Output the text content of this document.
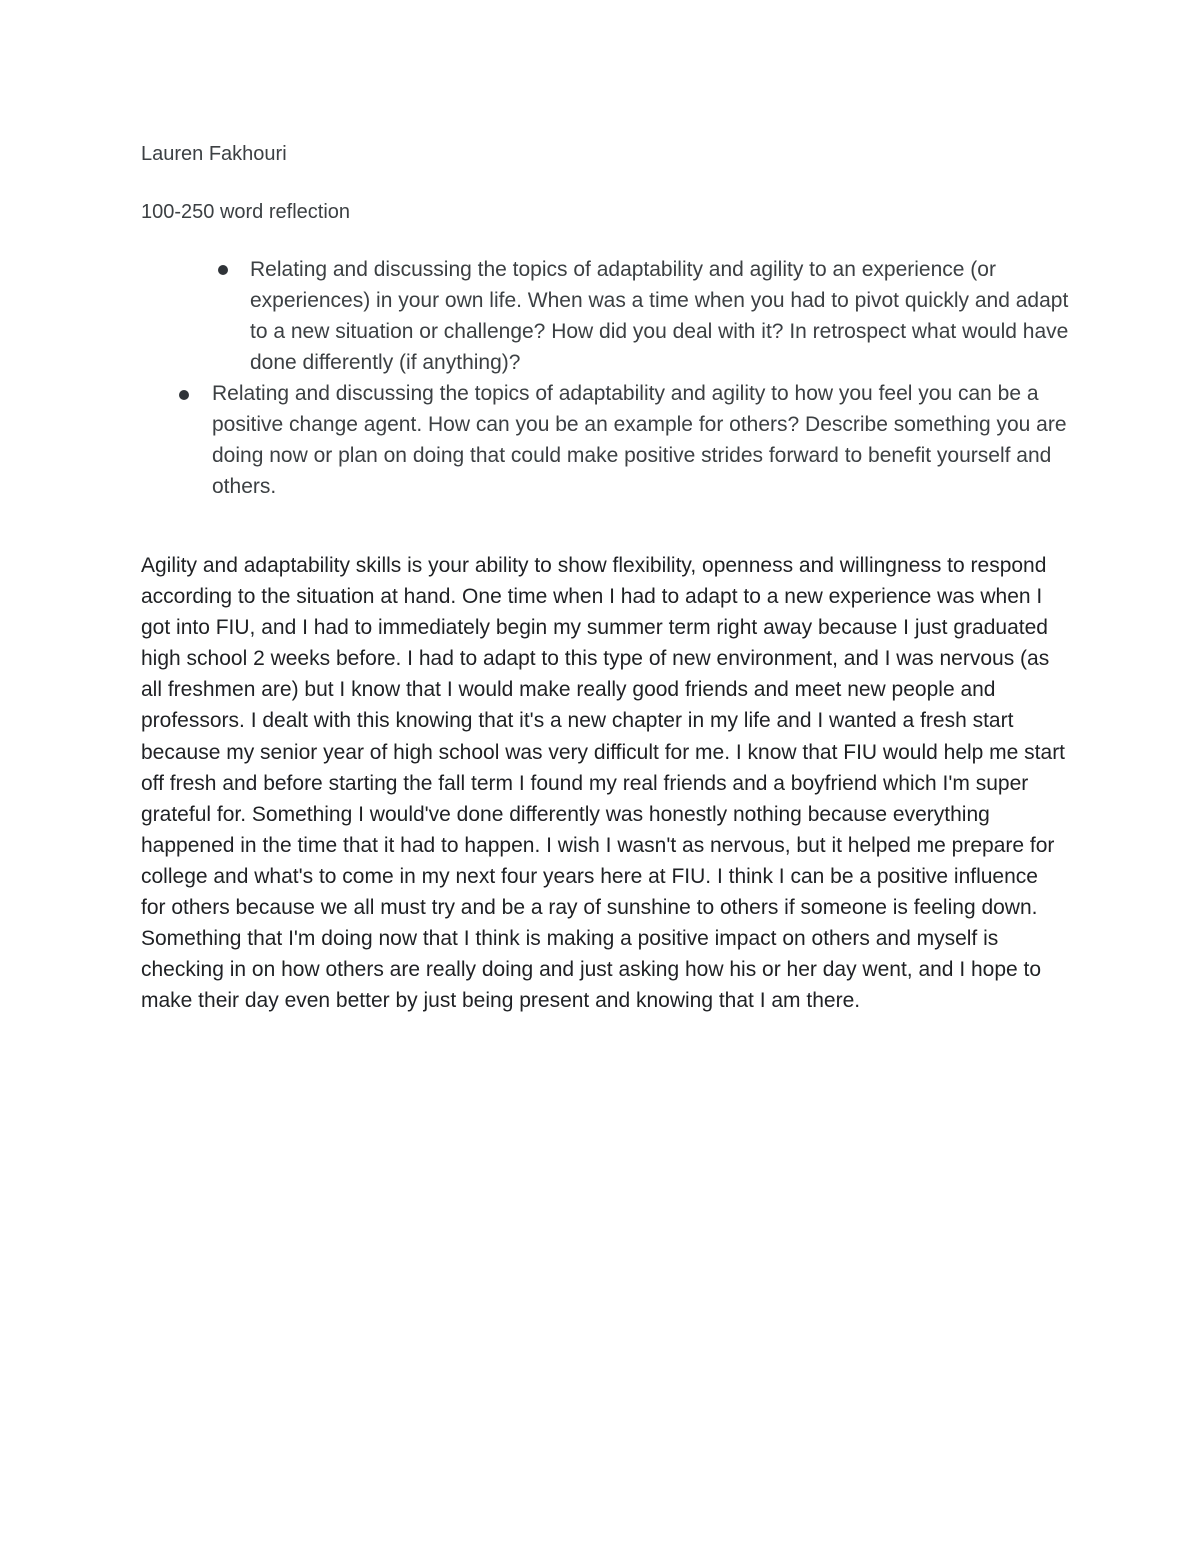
Lauren Fakhouri
100-250 word reflection

Relating and discussing the topics of adaptability and agility to an experience (or experiences) in your own life. When was a time when you had to pivot quickly and adapt to a new situation or challenge? How did you deal with it? In retrospect what would have done differently (if anything)?

Relating and discussing the topics of adaptability and agility to how you feel you can be a positive change agent. How can you be an example for others? Describe something you are doing now or plan on doing that could make positive strides forward to benefit yourself and others.

Agility and adaptability skills is your ability to show flexibility, openness and willingness to respond according to the situation at hand. One time when I had to adapt to a new experience was when I got into FIU, and I had to immediately begin my summer term right away because I just graduated high school 2 weeks before. I had to adapt to this type of new environment, and I was nervous (as all freshmen are) but I know that I would make really good friends and meet new people and professors. I dealt with this knowing that it's a new chapter in my life and I wanted a fresh start because my senior year of high school was very difficult for me. I know that FIU would help me start off fresh and before starting the fall term I found my real friends and a boyfriend which I'm super grateful for. Something I would've done differently was honestly nothing because everything happened in the time that it had to happen. I wish I wasn't as nervous, but it helped me prepare for college and what's to come in my next four years here at FIU. I think I can be a positive influence for others because we all must try and be a ray of sunshine to others if someone is feeling down. Something that I'm doing now that I think is making a positive impact on others and myself is checking in on how others are really doing and just asking how his or her day went, and I hope to make their day even better by just being present and knowing that I am there.
